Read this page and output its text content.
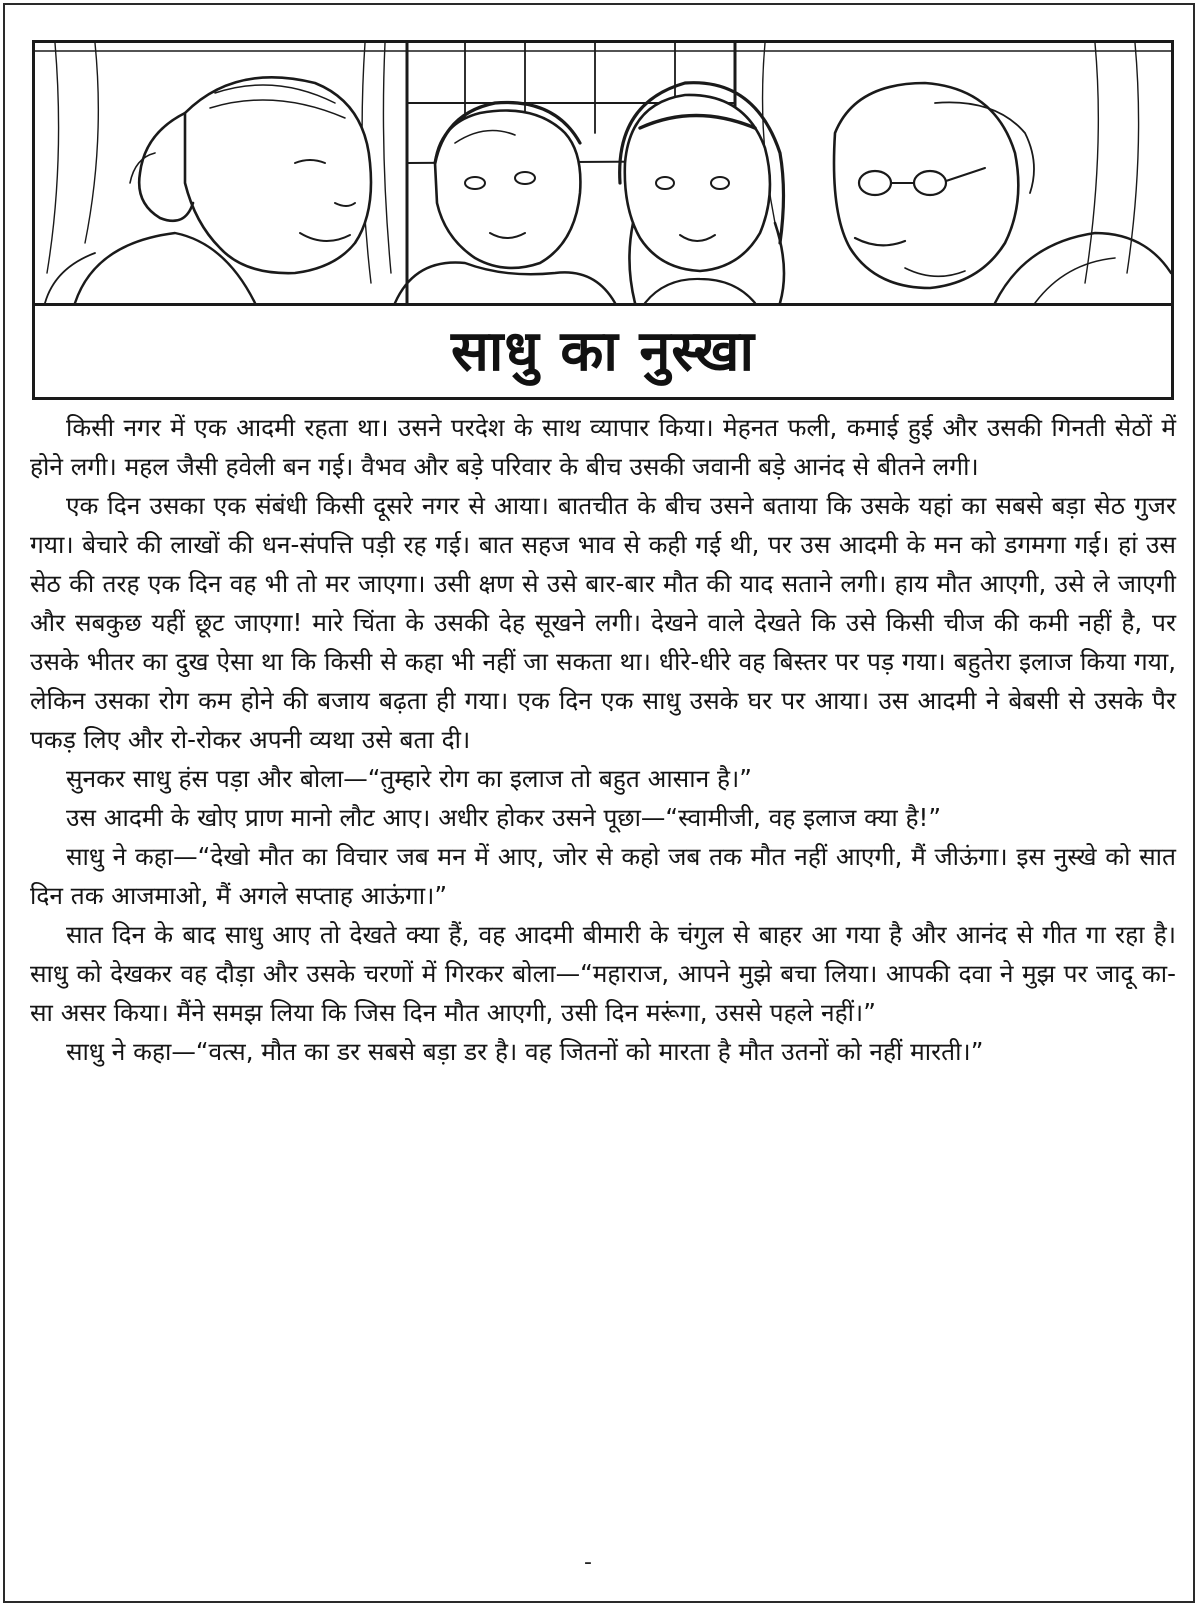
साधु का नुस्खा

किसी नगर में एक आदमी रहता था। उसने परदेश के साथ व्यापार किया। मेहनत फली, कमाई हुई और उसकी गिनती सेठों में होने लगी। महल जैसी हवेली बन गई। वैभव और बड़े परिवार के बीच उसकी जवानी बड़े आनंद से बीतने लगी।

एक दिन उसका एक संबंधी किसी दूसरे नगर से आया। बातचीत के बीच उसने बताया कि उसके यहां का सबसे बड़ा सेठ गुजर गया। बेचारे की लाखों की धन-संपत्ति पड़ी रह गई। बात सहज भाव से कही गई थी, पर उस आदमी के मन को डगमगा गई। हां उस सेठ की तरह एक दिन वह भी तो मर जाएगा। उसी क्षण से उसे बार-बार मौत की याद सताने लगी। हाय मौत आएगी, उसे ले जाएगी और सबकुछ यहीं छूट जाएगा! मारे चिंता के उसकी देह सूखने लगी। देखने वाले देखते कि उसे किसी चीज की कमी नहीं है, पर उसके भीतर का दुख ऐसा था कि किसी से कहा भी नहीं जा सकता था। धीरे-धीरे वह बिस्तर पर पड़ गया। बहुतेरा इलाज किया गया, लेकिन उसका रोग कम होने की बजाय बढ़ता ही गया। एक दिन एक साधु उसके घर पर आया। उस आदमी ने बेबसी से उसके पैर पकड़ लिए और रो-रोकर अपनी व्यथा उसे बता दी।

सुनकर साधु हंस पड़ा और बोला—“तुम्हारे रोग का इलाज तो बहुत आसान है।”

उस आदमी के खोए प्राण मानो लौट आए। अधीर होकर उसने पूछा—“स्वामीजी, वह इलाज क्या है!”

साधु ने कहा—“देखो मौत का विचार जब मन में आए, जोर से कहो जब तक मौत नहीं आएगी, मैं जीऊंगा। इस नुस्खे को सात दिन तक आजमाओ, मैं अगले सप्ताह आऊंगा।”

सात दिन के बाद साधु आए तो देखते क्या हैं, वह आदमी बीमारी के चंगुल से बाहर आ गया है और आनंद से गीत गा रहा है। साधु को देखकर वह दौड़ा और उसके चरणों में गिरकर बोला—“महाराज, आपने मुझे बचा लिया। आपकी दवा ने मुझ पर जादू का-सा असर किया। मैंने समझ लिया कि जिस दिन मौत आएगी, उसी दिन मरूंगा, उससे पहले नहीं।”

साधु ने कहा—“वत्स, मौत का डर सबसे बड़ा डर है। वह जितनों को मारता है मौत उतनों को नहीं मारती।”

-
